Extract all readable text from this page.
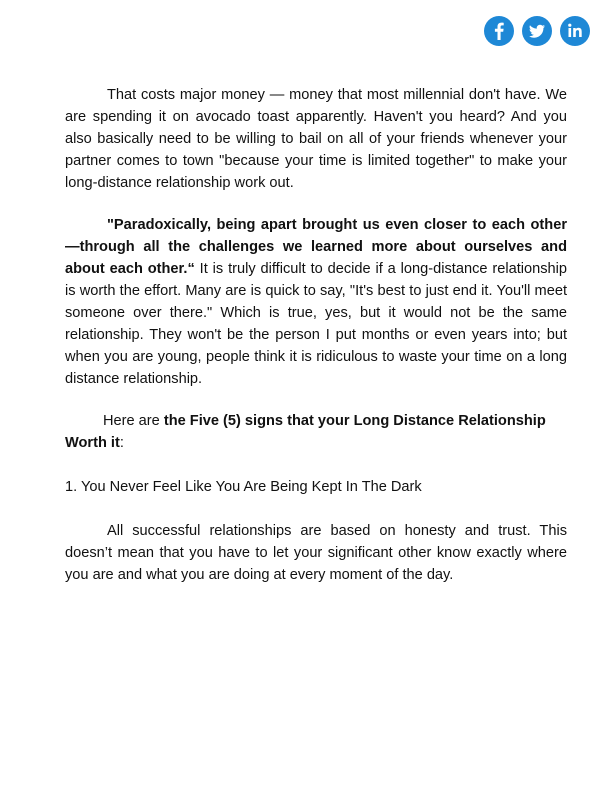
That costs major money — money that most millennial don't have. We are spending it on avocado toast apparently. Haven't you heard? And you also basically need to be willing to bail on all of your friends whenever your partner comes to town "because your time is limited together" to make your long-distance relationship work out.

"Paradoxically, being apart brought us even closer to each other—through all the challenges we learned more about ourselves and about each other.“ It is truly difficult to decide if a long-distance relationship is worth the effort. Many are is quick to say, "It's best to just end it. You'll meet someone over there." Which is true, yes, but it would not be the same relationship. They won't be the person I put months or even years into; but when you are young, people think it is ridiculous to waste your time on a long distance relationship.

Here are the Five (5) signs that your Long Distance Relationship Worth it:

1. You Never Feel Like You Are Being Kept In The Dark

All successful relationships are based on honesty and trust. This doesn’t mean that you have to let your significant other know exactly where you are and what you are doing at every moment of the day.
